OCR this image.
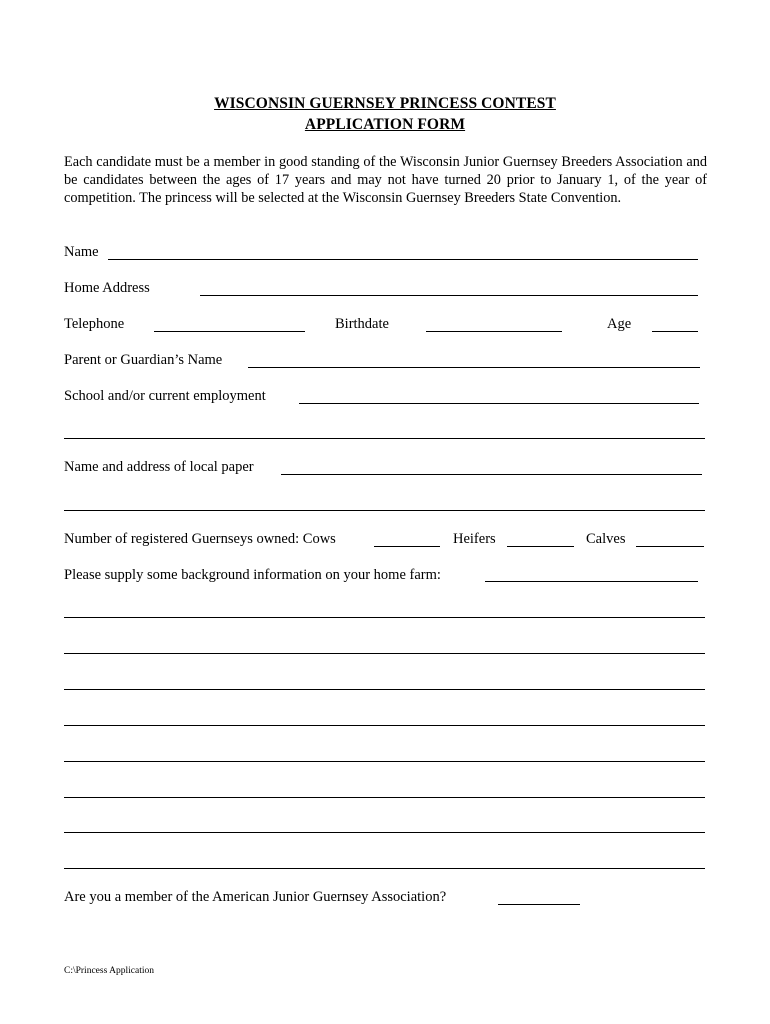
WISCONSIN GUERNSEY PRINCESS CONTEST
APPLICATION FORM
Each candidate must be a member in good standing of the Wisconsin Junior Guernsey Breeders Association and be candidates between the ages of 17 years and may not have turned 20 prior to January 1, of the year of competition. The princess will be selected at the Wisconsin Guernsey Breeders State Convention.
Name
Home Address
Telephone	Birthdate	Age
Parent or Guardian’s Name
School and/or current employment
Name and address of local paper
Number of registered Guernseys owned: Cows	Heifers	Calves
Please supply some background information on your home farm:
Are you a member of the American Junior Guernsey Association?
C:\Princess Application
